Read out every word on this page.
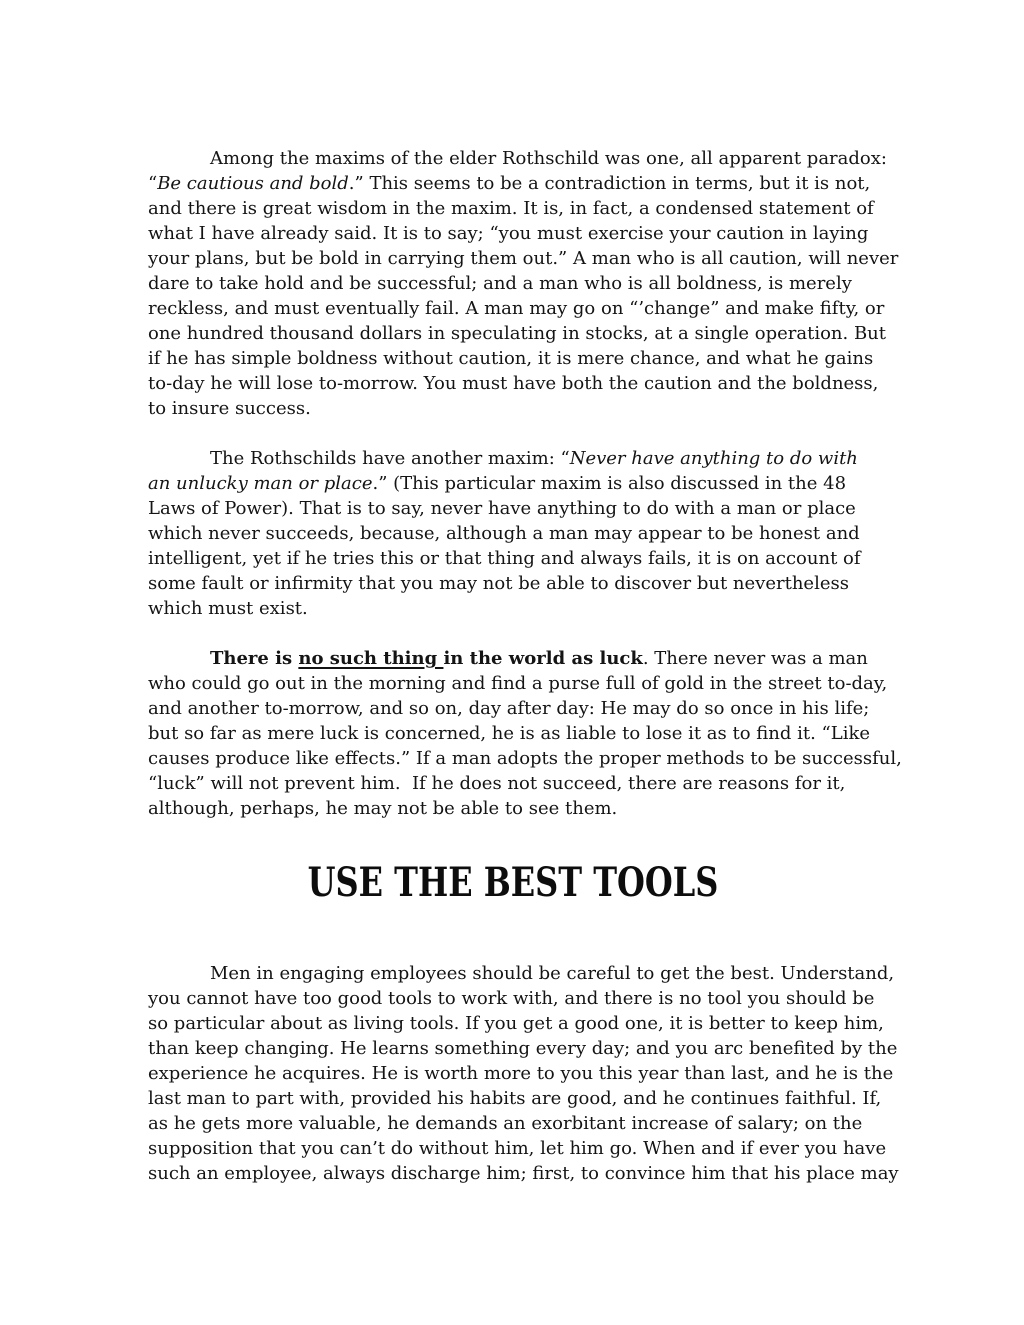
Among the maxims of the elder Rothschild was one, all apparent paradox:
“Be cautious and bold.” This seems to be a contradiction in terms, but it is not,
and there is great wisdom in the maxim. It is, in fact, a condensed statement of
what I have already said. It is to say; “you must exercise your caution in laying
your plans, but be bold in carrying them out.” A man who is all caution, will never
dare to take hold and be successful; and a man who is all boldness, is merely
reckless, and must eventually fail. A man may go on “’change” and make fifty, or
one hundred thousand dollars in speculating in stocks, at a single operation. But
if he has simple boldness without caution, it is mere chance, and what he gains
to-day he will lose to-morrow. You must have both the caution and the boldness,
to insure success.
The Rothschilds have another maxim: “Never have anything to do with
an unlucky man or place.” (This particular maxim is also discussed in the 48
Laws of Power). That is to say, never have anything to do with a man or place
which never succeeds, because, although a man may appear to be honest and
intelligent, yet if he tries this or that thing and always fails, it is on account of
some fault or infirmity that you may not be able to discover but nevertheless
which must exist.
There is no such thing in the world as luck. There never was a man
who could go out in the morning and find a purse full of gold in the street to-day,
and another to-morrow, and so on, day after day: He may do so once in his life;
but so far as mere luck is concerned, he is as liable to lose it as to find it. “Like
causes produce like effects.” If a man adopts the proper methods to be successful,
“luck” will not prevent him.  If he does not succeed, there are reasons for it,
although, perhaps, he may not be able to see them.
USE THE BEST TOOLS
Men in engaging employees should be careful to get the best. Understand,
you cannot have too good tools to work with, and there is no tool you should be
so particular about as living tools. If you get a good one, it is better to keep him,
than keep changing. He learns something every day; and you arc benefited by the
experience he acquires. He is worth more to you this year than last, and he is the
last man to part with, provided his habits are good, and he continues faithful. If,
as he gets more valuable, he demands an exorbitant increase of salary; on the
supposition that you can’t do without him, let him go. When and if ever you have
such an employee, always discharge him; first, to convince him that his place may
